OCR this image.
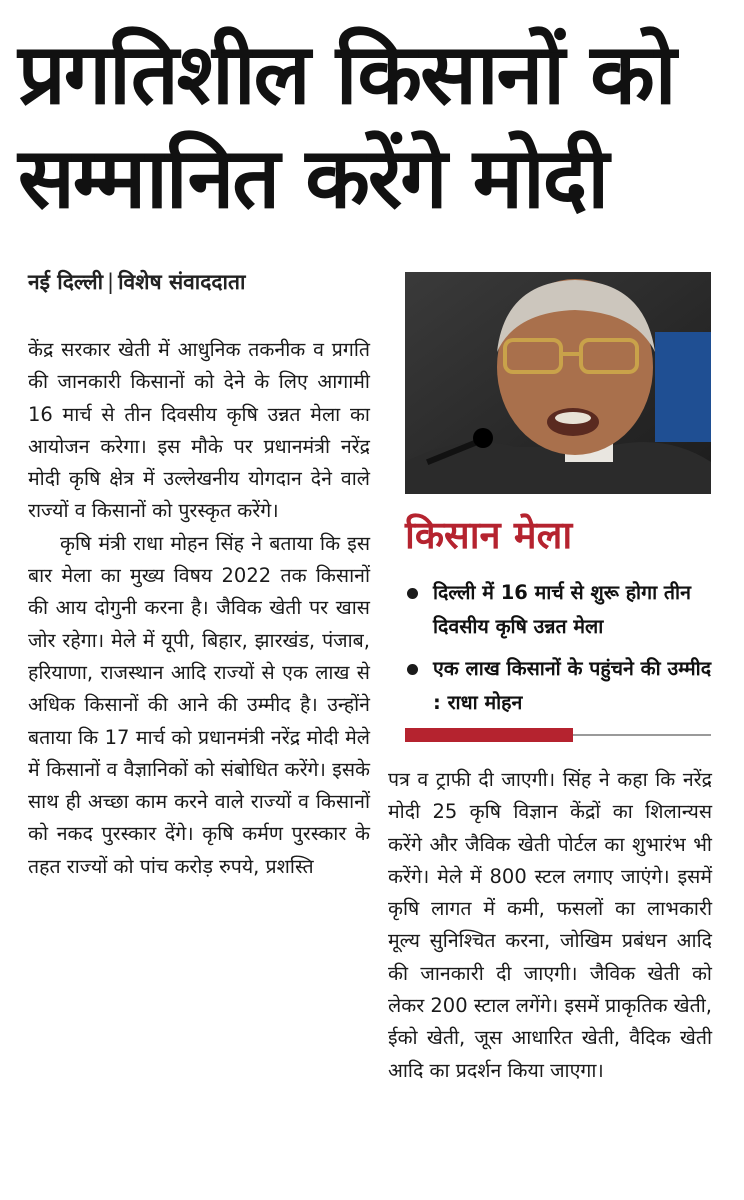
प्रगतिशील किसानों को
सम्मानित करेंगे मोदी
नई दिल्ली | विशेष संवाददाता

केंद्र सरकार खेती में आधुनिक तकनीक व प्रगति की जानकारी किसानों को देने के लिए आगामी 16 मार्च से तीन दिवसीय कृषि उन्नत मेला का आयोजन करेगा। इस मौके पर प्रधानमंत्री नरेंद्र मोदी कृषि क्षेत्र में उल्लेखनीय योगदान देने वाले राज्यों व किसानों को पुरस्कृत करेंगे।

कृषि मंत्री राधा मोहन सिंह ने बताया कि इस बार मेला का मुख्य विषय 2022 तक किसानों की आय दोगुनी करना है। जैविक खेती पर खास जोर रहेगा। मेले में यूपी, बिहार, झारखंड, पंजाब, हरियाणा, राजस्थान आदि राज्यों से एक लाख से अधिक किसानों की आने की उम्मीद है। उन्होंने बताया कि 17 मार्च को प्रधानमंत्री नरेंद्र मोदी मेले में किसानों व वैज्ञानिकों को संबोधित करेंगे। इसके साथ ही अच्छा काम करने वाले राज्यों व किसानों को नकद पुरस्कार देंगे। कृषि कर्मण पुरस्कार के तहत राज्यों को पांच करोड़ रुपये, प्रशस्ति

किसान मेला
दिल्ली में 16 मार्च से शुरू होगा तीन दिवसीय कृषि उन्नत मेला
एक लाख किसानों के पहुंचने की उम्मीद : राधा मोहन

पत्र व ट्राफी दी जाएगी। सिंह ने कहा कि नरेंद्र मोदी 25 कृषि विज्ञान केंद्रों का शिलान्यस करेंगे और जैविक खेती पोर्टल का शुभारंभ भी करेंगे। मेले में 800 स्टल लगाए जाएंगे। इसमें कृषि लागत में कमी, फसलों का लाभकारी मूल्य सुनिश्चित करना, जोखिम प्रबंधन आदि की जानकारी दी जाएगी। जैविक खेती को लेकर 200 स्टाल लगेंगे। इसमें प्राकृतिक खेती, ईको खेती, जूस आधारित खेती, वैदिक खेती आदि का प्रदर्शन किया जाएगा।
